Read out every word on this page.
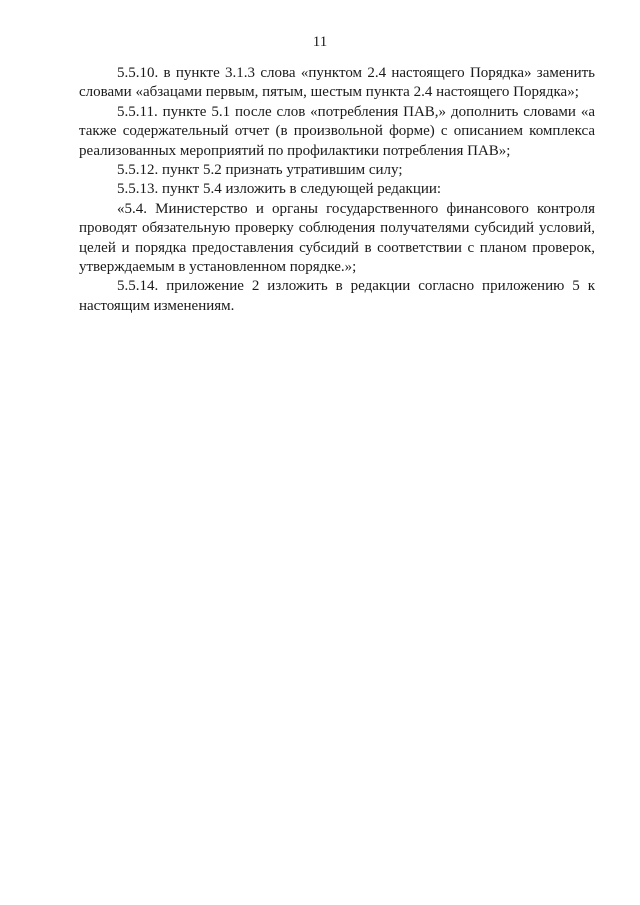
11

5.5.10. в пункте 3.1.3 слова «пунктом 2.4 настоящего Порядка» заменить словами «абзацами первым, пятым, шестым пункта 2.4 настоящего Порядка»;

5.5.11. пункте 5.1 после слов «потребления ПАВ,» дополнить словами «а также содержательный отчет (в произвольной форме) с описанием комплекса реализованных мероприятий по профилактики потребления ПАВ»;

5.5.12. пункт 5.2 признать утратившим силу;

5.5.13. пункт 5.4 изложить в следующей редакции:

«5.4. Министерство и органы государственного финансового контроля проводят обязательную проверку соблюдения получателями субсидий условий, целей и порядка предоставления субсидий в соответствии с планом проверок, утверждаемым в установленном порядке.»;

5.5.14. приложение 2 изложить в редакции согласно приложению 5 к настоящим изменениям.
